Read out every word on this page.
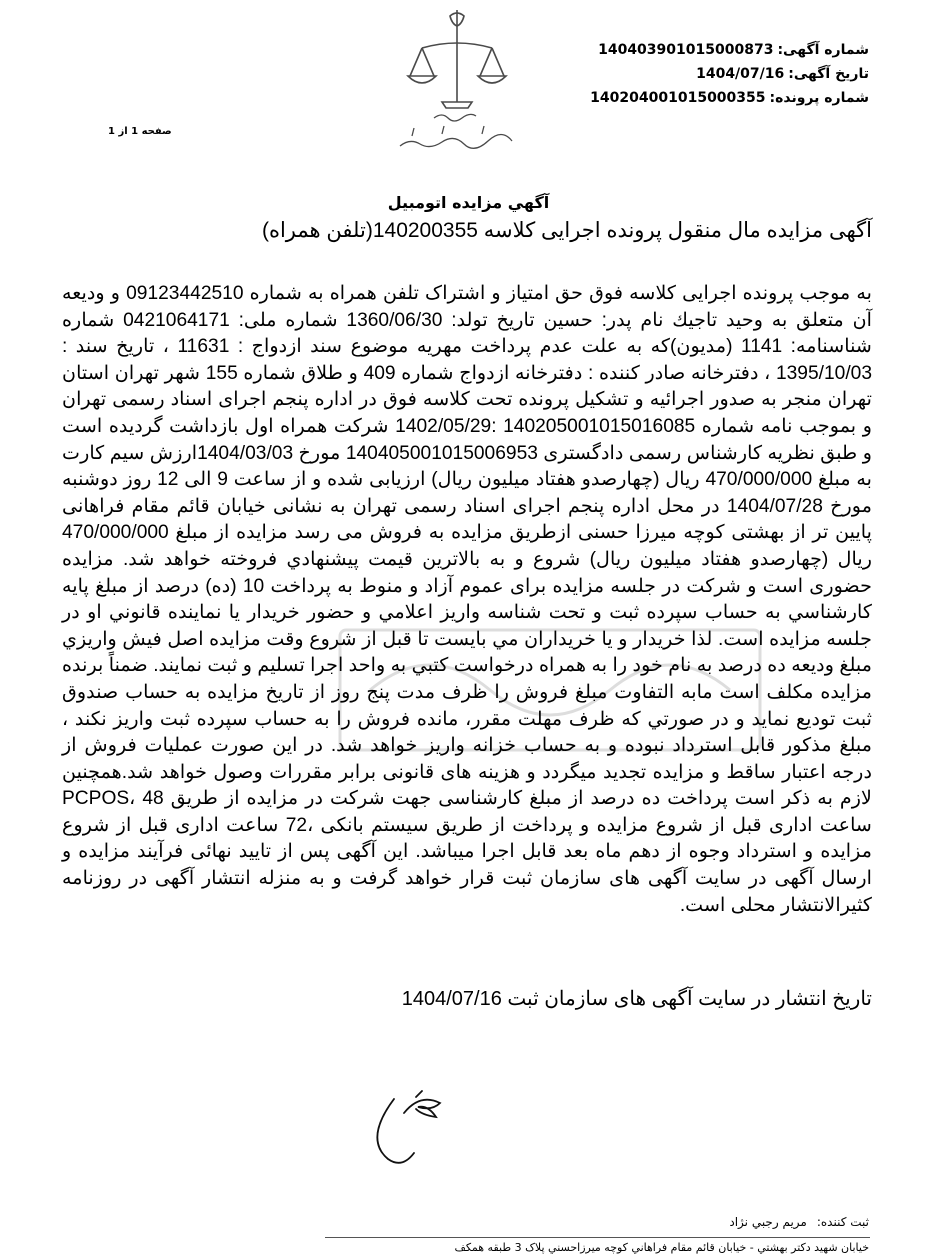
شماره آگهی:140403901015000873
تاریخ آگهی:1404/07/16
شماره پرونده:140204001015000355
صفحه 1 از 1
آگهي مزايده اتومبيل
آگهی مزایده مال منقول پرونده اجرایی کلاسه 140200355(تلفن همراه)

به موجب پرونده اجرایی کلاسه فوق حق امتیاز و اشتراک تلفن همراه به شماره 09123442510 و ودیعه آن متعلق به وحيد تاجيك نام پدر: حسین تاریخ تولد: 1360/06/30 شماره ملی: 0421064171 شماره شناسنامه: 1141 (مدیون)که به علت عدم پرداخت مهریه موضوع سند ازدواج : 11631 ، تاریخ سند : 1395/10/03 ، دفترخانه صادر کننده : دفترخانه ازدواج شماره 409 و طلاق شماره 155 شهر تهران استان تهران منجر به صدور اجرائیه و تشکیل پرونده تحت کلاسه فوق در اداره پنجم اجرای اسناد رسمی تهران و بموجب نامه شماره 140205001015016085 :1402/05/29 شرکت همراه اول بازداشت گردیده است و طبق نظریه کارشناس رسمی دادگستری 140405001015006953 مورخ 1404/03/03ارزش سیم کارت به مبلغ 470/000/000 ریال (چهارصدو هفتاد میلیون ریال) ارزیابی شده و از ساعت 9 الی 12 روز دوشنبه مورخ 1404/07/28 در محل اداره پنجم اجرای اسناد رسمی تهران به نشانی خیابان قائم مقام فراهانی پایین تر از بهشتی کوچه میرزا حسنی ازطریق مزایده به فروش می رسد مزایده از مبلغ 470/000/000 ریال (چهارصدو هفتاد میلیون ریال) شروع و به بالاترین قیمت پیشنهادي فروخته خواهد شد. مزایده حضوری است و شرکت در جلسه مزایده برای عموم آزاد و منوط به پرداخت 10 (ده) درصد از مبلغ پایه کارشناسي به حساب سپرده ثبت و تحت شناسه واریز اعلامي و حضور خريدار يا نماينده قانوني او در جلسه مزايده است. لذا خريدار و يا خريداران مي بايست تا قبل از شروع وقت مزايده اصل فيش واريزي مبلغ وديعه ده درصد به نام خود را به همراه درخواست کتبي به واحد اجرا تسليم و ثبت نمايند. ضمناً برنده مزایده مکلف است مابه التفاوت مبلغ فروش را ظرف مدت پنج روز از تاریخ مزایده به حساب صندوق ثبت توديع نمايد و در صورتي که ظرف مهلت مقرر، مانده فروش را به حساب سپرده ثبت واريز نکند ، مبلغ مذکور قابل استرداد نبوده و به حساب خزانه واریز خواهد شد. در این صورت عملیات فروش از درجه اعتبار ساقط و مزایده تجدید میگردد و هزینه های قانونی برابر مقررات وصول خواهد شد.همچنین لازم به ذکر است پرداخت ده درصد از مبلغ کارشناسی جهت شرکت در مزایده از طریق PCPOS، 48 ساعت اداری قبل از شروع مزایده و پرداخت از طریق سیستم بانکی ،72 ساعت اداری قبل از شروع مزایده و استرداد وجوه از دهم ماه بعد قابل اجرا میباشد. این آگهی پس از تایید نهائی فرآیند مزایده و ارسال آگهی در سایت آگهی های سازمان ثبت قرار خواهد گرفت و به منزله انتشار آگهی در روزنامه کثیرالانتشار محلی است.

تاریخ انتشار در سایت آگهی های سازمان ثبت 1404/07/16
ثبت کننده:مريم رجبي نژاد
خيابان شهيد دکتر بهشتي - خيابان قائم مقام فراهاني کوچه ميرزاحسني پلاک 3 طبقه همکف
